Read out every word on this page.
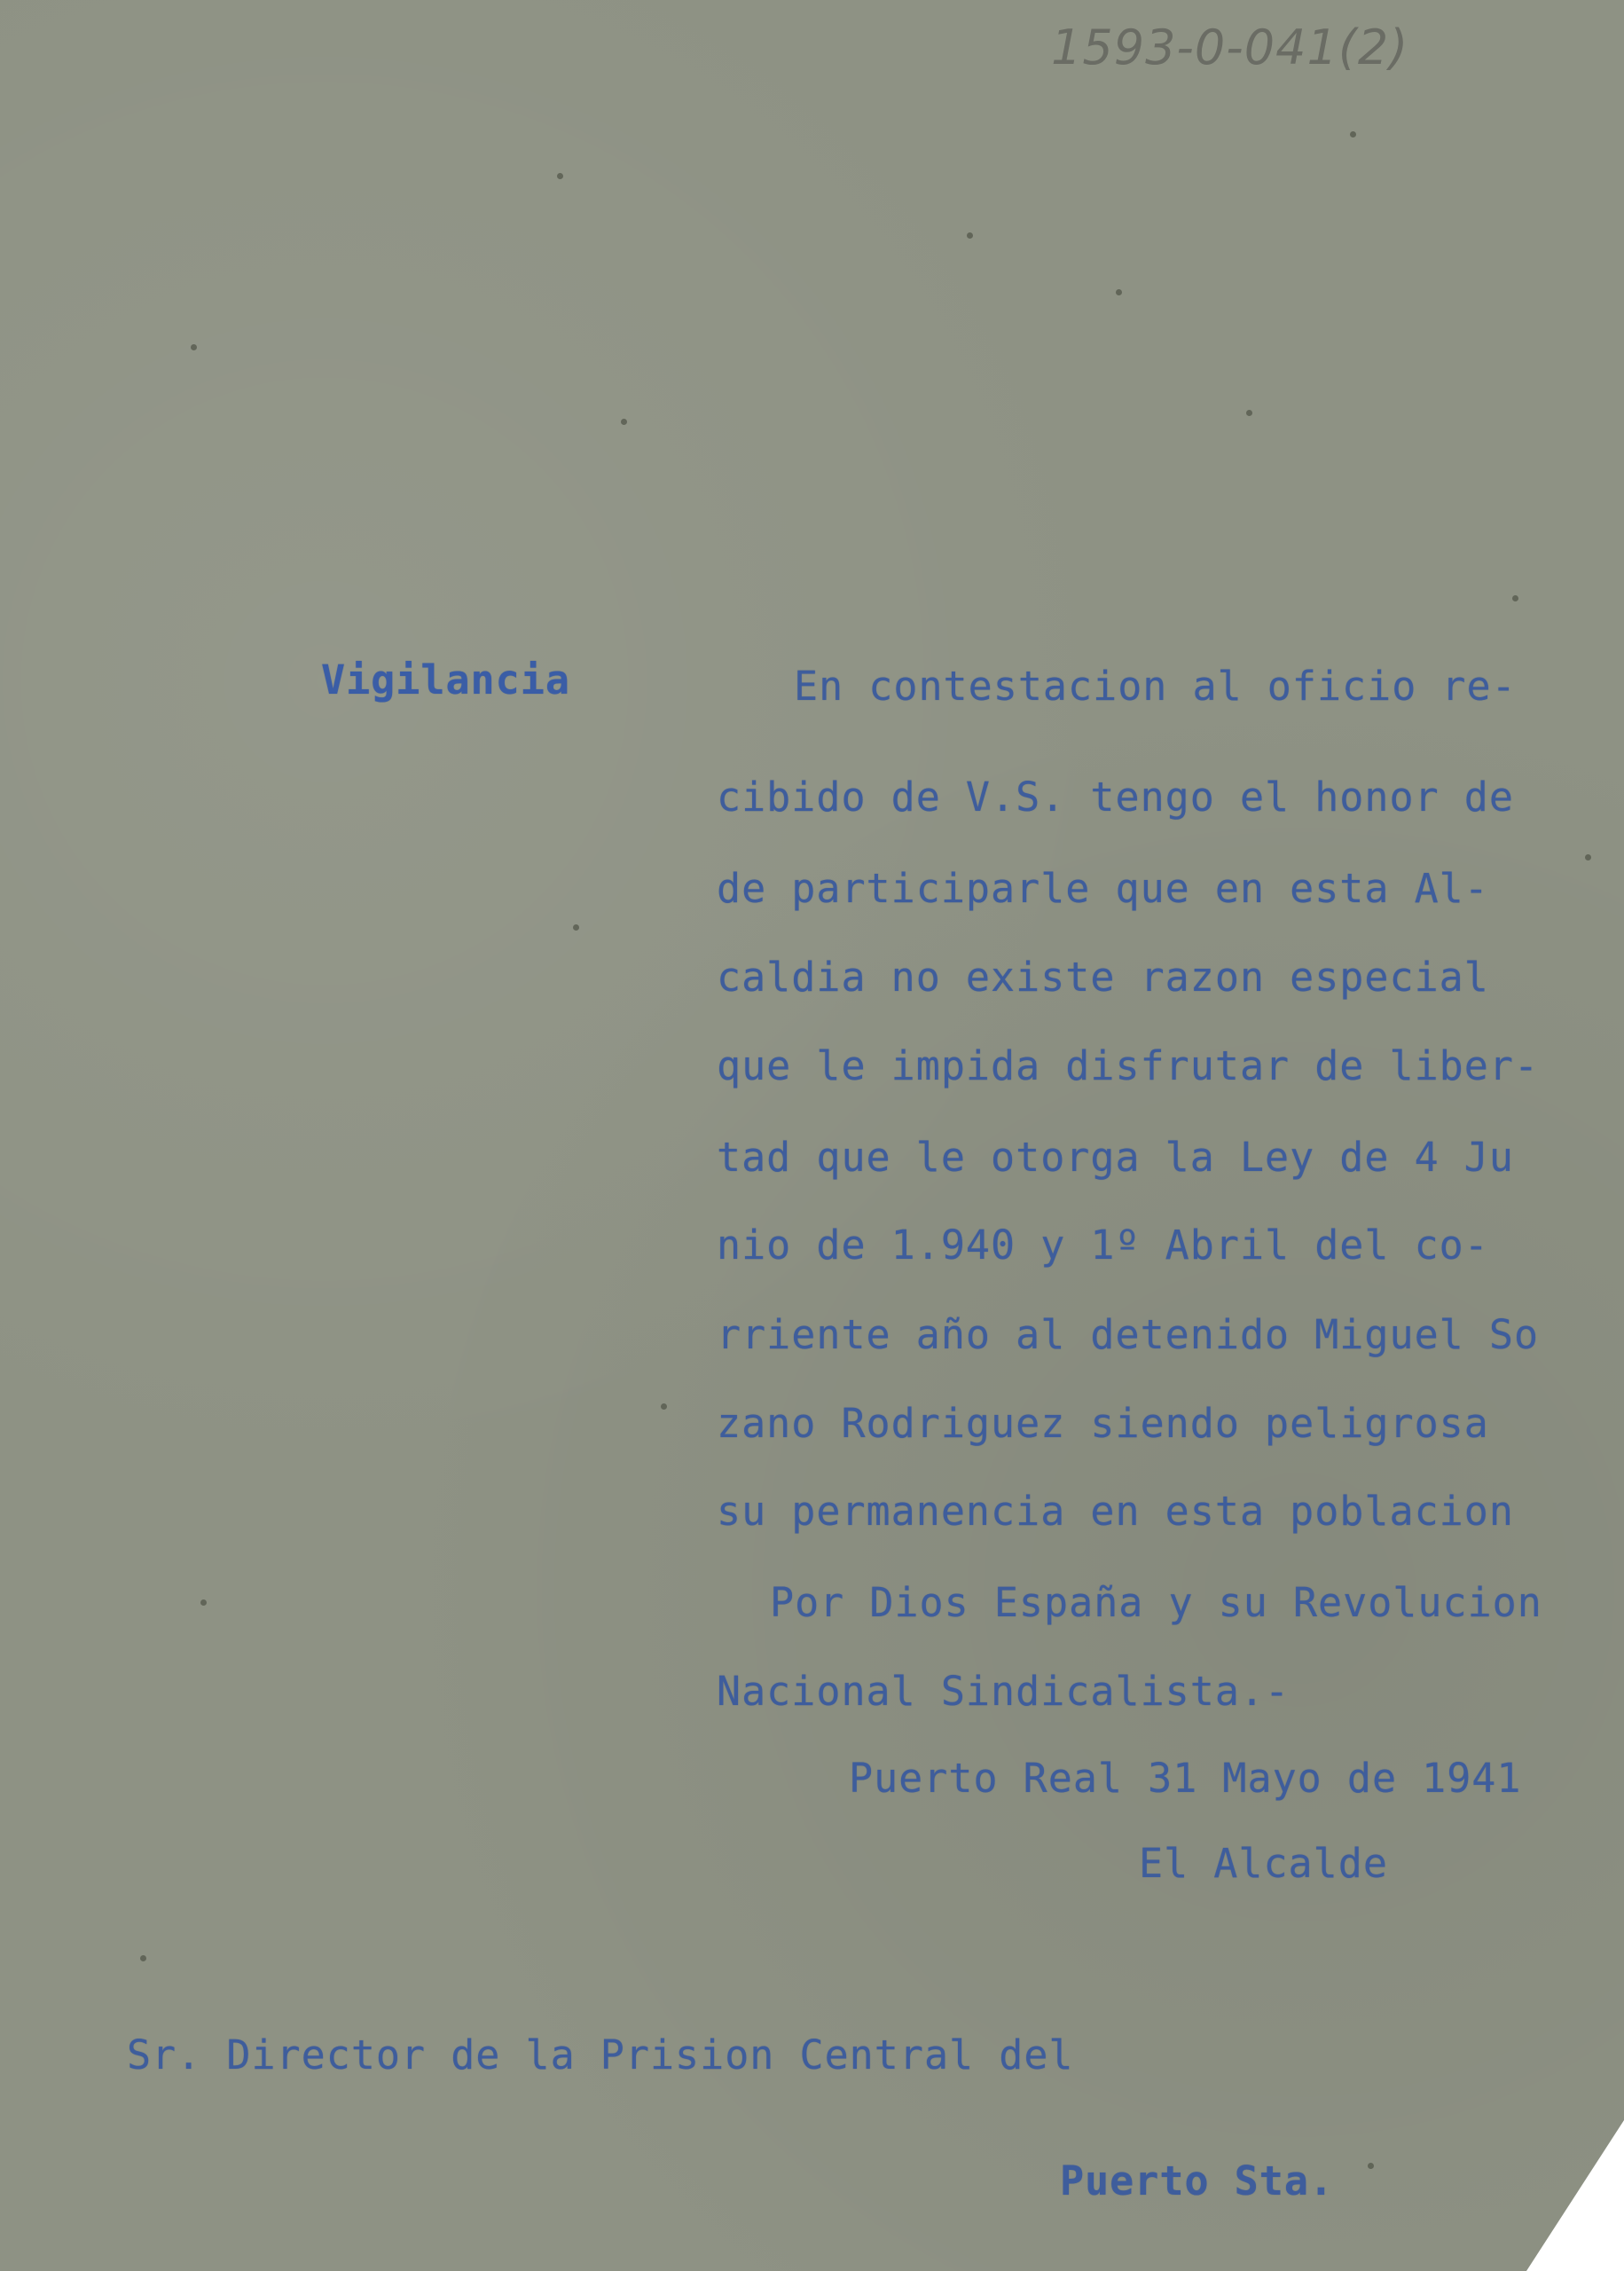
1593-0-041(2)
Vigilancia	En contestacion al oficio re-
cibido de V.S. tengo el honor de
de participarle que en esta Al-
caldia no existe razon especial
que le impida disfrutar de liber-
tad que le otorga la Ley de 4 Ju
nio de 1.940 y 1º Abril del co-
rriente año al detenido Miguel So
zano Rodriguez siendo peligrosa
su permanencia en esta poblacion
Por Dios España y su Revolucion
Nacional Sindicalista.-
Puerto Real 31 Mayo de 1941
El Alcalde
Sr. Director de la Prision Central del
Puerto Sta.
